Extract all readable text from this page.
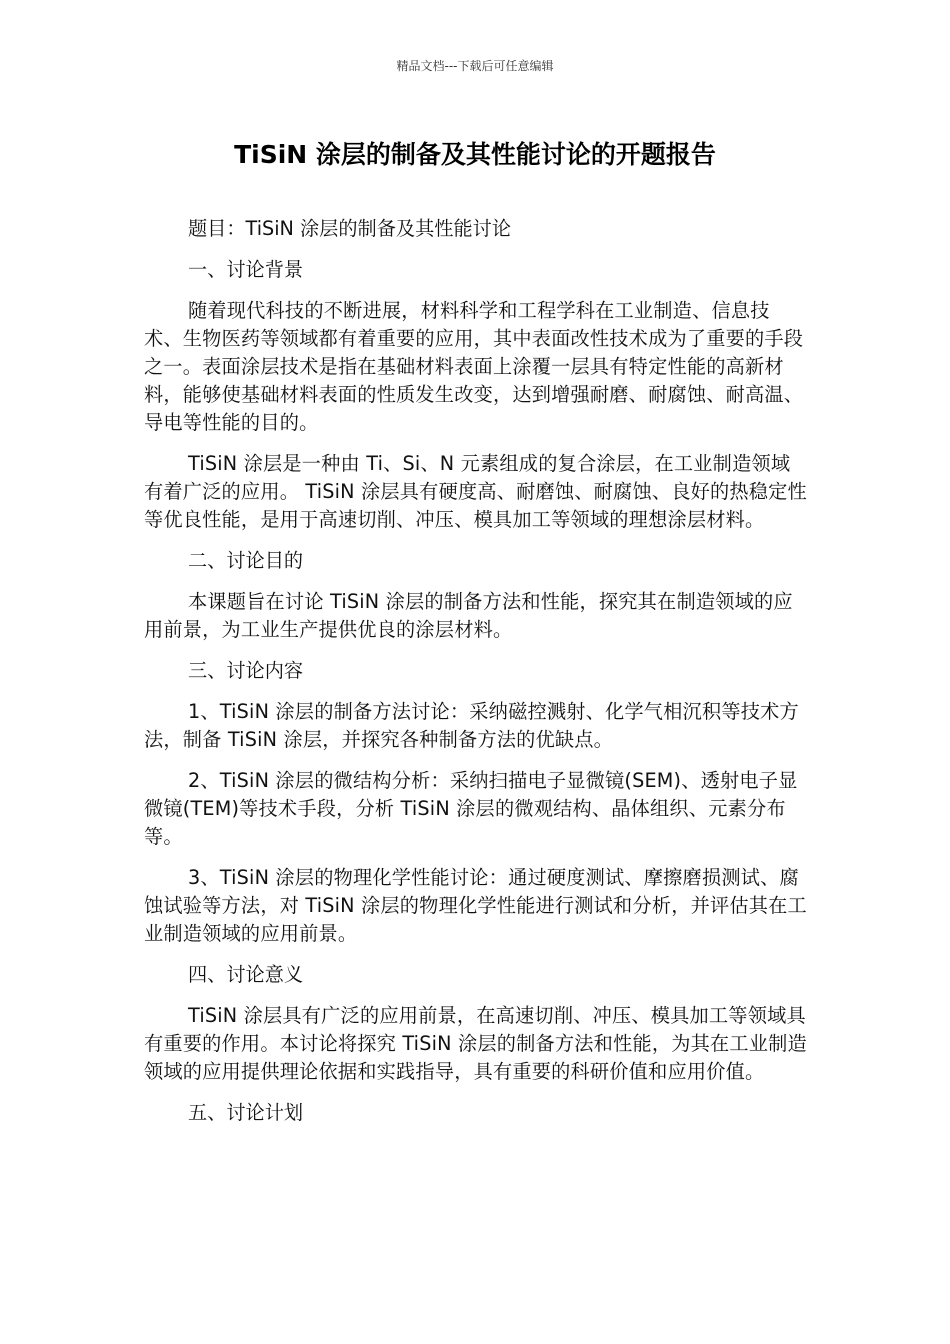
精品文档---下载后可任意编辑
TiSiN 涂层的制备及其性能讨论的开题报告

题目：TiSiN 涂层的制备及其性能讨论

一、讨论背景

随着现代科技的不断进展，材料科学和工程学科在工业制造、信息技术、生物医药等领域都有着重要的应用，其中表面改性技术成为了重要的手段之一。表面涂层技术是指在基础材料表面上涂覆一层具有特定性能的高新材料，能够使基础材料表面的性质发生改变，达到增强耐磨、耐腐蚀、耐高温、导电等性能的目的。

TiSiN 涂层是一种由 Ti、Si、N 元素组成的复合涂层，在工业制造领域有着广泛的应用。 TiSiN 涂层具有硬度高、耐磨蚀、耐腐蚀、良好的热稳定性等优良性能，是用于高速切削、冲压、模具加工等领域的理想涂层材料。

二、讨论目的

本课题旨在讨论 TiSiN 涂层的制备方法和性能，探究其在制造领域的应用前景，为工业生产提供优良的涂层材料。

三、讨论内容

1、TiSiN 涂层的制备方法讨论：采纳磁控溅射、化学气相沉积等技术方法，制备 TiSiN 涂层，并探究各种制备方法的优缺点。

2、TiSiN 涂层的微结构分析：采纳扫描电子显微镜(SEM)、透射电子显微镜(TEM)等技术手段，分析 TiSiN 涂层的微观结构、晶体组织、元素分布等。

3、TiSiN 涂层的物理化学性能讨论：通过硬度测试、摩擦磨损测试、腐蚀试验等方法，对 TiSiN 涂层的物理化学性能进行测试和分析，并评估其在工业制造领域的应用前景。

四、讨论意义

TiSiN 涂层具有广泛的应用前景，在高速切削、冲压、模具加工等领域具有重要的作用。本讨论将探究 TiSiN 涂层的制备方法和性能，为其在工业制造领域的应用提供理论依据和实践指导，具有重要的科研价值和应用价值。

五、讨论计划
